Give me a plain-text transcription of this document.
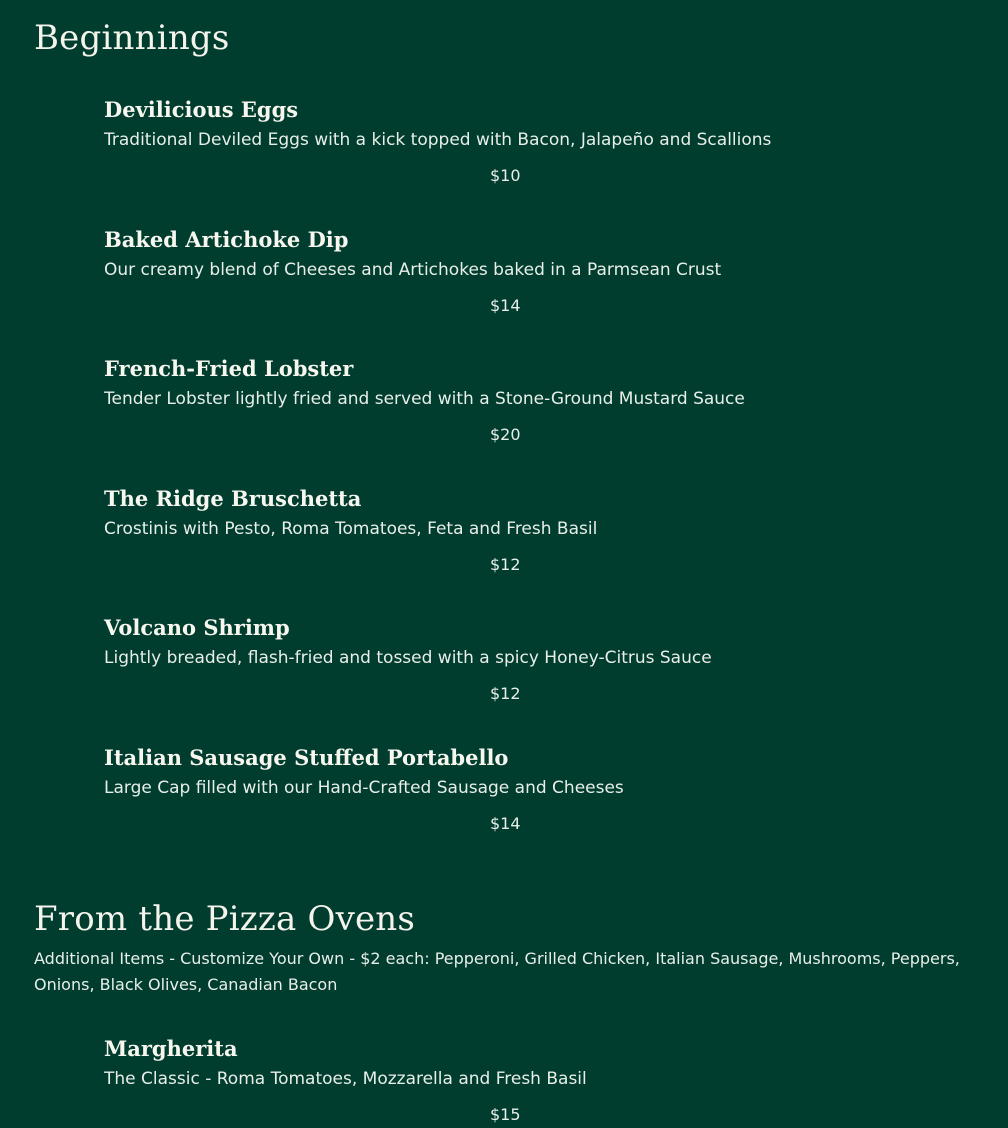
Beginnings
Devilicious Eggs
Traditional Deviled Eggs with a kick topped with Bacon, Jalapeño and Scallions
$10
Baked Artichoke Dip
Our creamy blend of Cheeses and Artichokes baked in a Parmsean Crust
$14
French-Fried Lobster
Tender Lobster lightly fried and served with a Stone-Ground Mustard Sauce
$20
The Ridge Bruschetta
Crostinis with Pesto, Roma Tomatoes, Feta and Fresh Basil
$12
Volcano Shrimp
Lightly breaded, flash-fried and tossed with a spicy Honey-Citrus Sauce
$12
Italian Sausage Stuffed Portabello
Large Cap filled with our Hand-Crafted Sausage and Cheeses
$14
From the Pizza Ovens
Additional Items - Customize Your Own - $2 each: Pepperoni, Grilled Chicken, Italian Sausage, Mushrooms, Peppers, Onions, Black Olives, Canadian Bacon
Margherita
The Classic - Roma Tomatoes, Mozzarella and Fresh Basil
$15
